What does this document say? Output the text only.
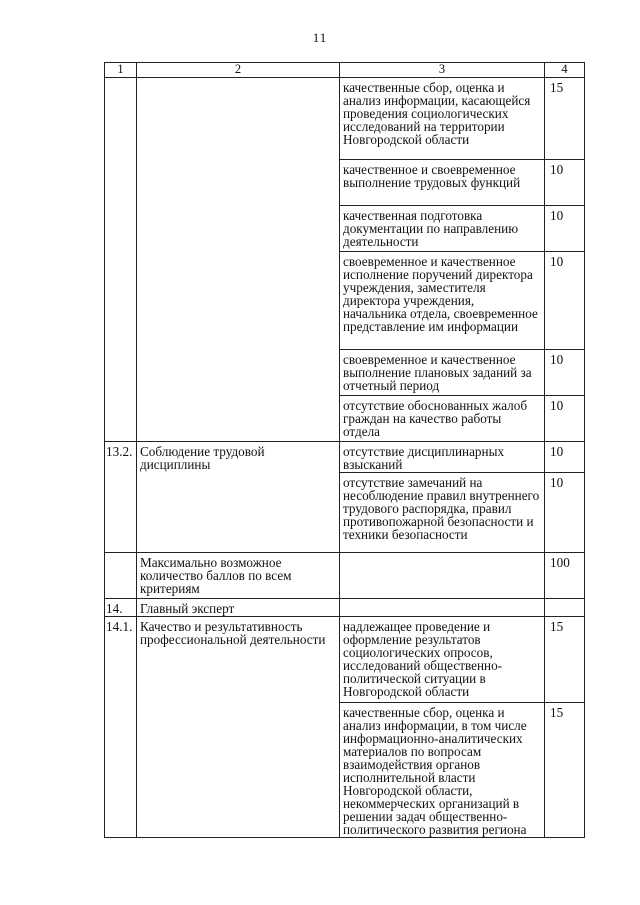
11
1	2	3	4
		качественные сбор, оценка и анализ информации, касающейся проведения социологических исследований на территории Новгородской области	15
		качественное и своевременное выполнение трудовых функций	10
		качественная подготовка документации по направлению деятельности	10
		своевременное и качественное исполнение поручений директора учреждения, заместителя директора учреждения, начальника отдела, своевременное представление им информации	10
		своевременное и качественное выполнение плановых заданий за отчетный период	10
		отсутствие обоснованных жалоб граждан на качество работы отдела	10
13.2.	Соблюдение трудовой дисциплины	отсутствие дисциплинарных взысканий	10
		отсутствие замечаний на несоблюдение правил внутреннего трудового распорядка, правил противопожарной безопасности и техники безопасности	10
	Максимально возможное количество баллов по всем критериям		100
14.	Главный эксперт		
14.1.	Качество и результативность профессиональной деятельности	надлежащее проведение и оформление результатов социологических опросов, исследований общественно-политической ситуации в Новгородской области	15
		качественные сбор, оценка и анализ информации, в том числе информационно-аналитических материалов по вопросам взаимодействия органов исполнительной власти Новгородской области, некоммерческих организаций в решении задач общественно-политического развития региона	15
